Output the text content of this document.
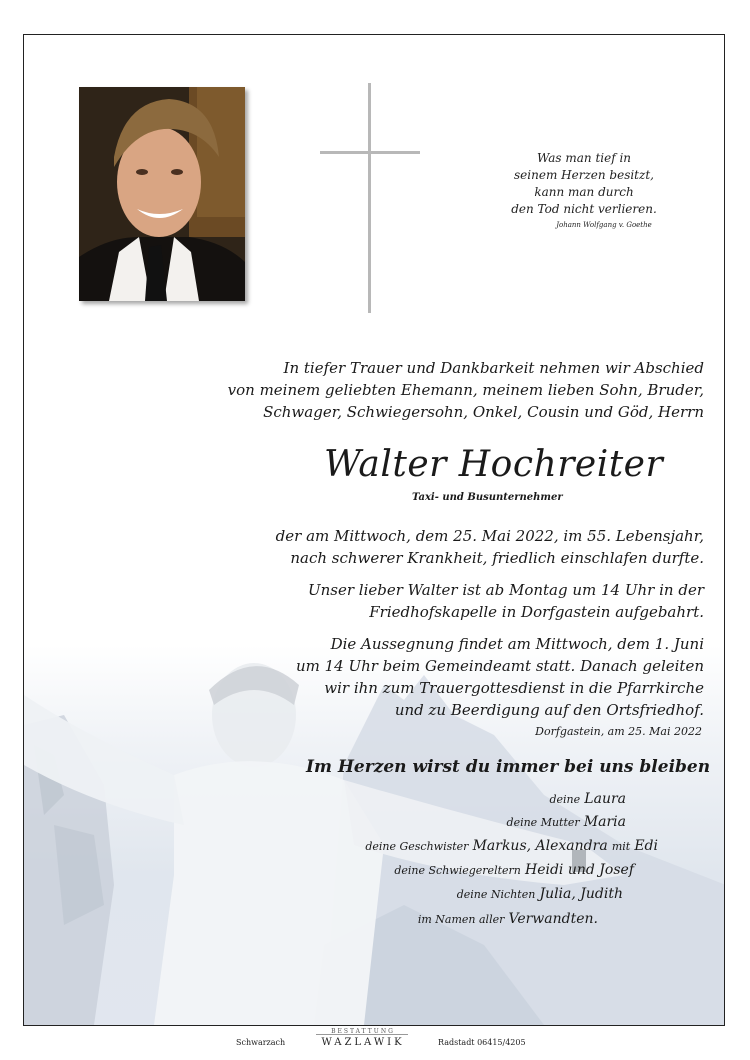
Was man tief in
seinem Herzen besitzt,
kann man durch
den Tod nicht verlieren.
Johann Wolfgang v. Goethe
In tiefer Trauer und Dankbarkeit nehmen wir Abschied
von meinem geliebten Ehemann, meinem lieben Sohn, Bruder,
Schwager, Schwiegersohn, Onkel, Cousin und Göd, Herrn
Walter Hochreiter
Taxi- und Busunternehmer
der am Mittwoch, dem 25. Mai 2022, im 55. Lebensjahr,
nach schwerer Krankheit, friedlich einschlafen durfte.
Unser lieber Walter ist ab Montag um 14 Uhr in der
Friedhofskapelle in Dorfgastein aufgebahrt.
Die Aussegnung findet am Mittwoch, dem 1. Juni
um 14 Uhr beim Gemeindeamt statt. Danach geleiten
wir ihn zum Trauergottesdienst in die Pfarrkirche
und zu Beerdigung auf den Ortsfriedhof.
Dorfgastein, am 25. Mai 2022
Im Herzen wirst du immer bei uns bleiben
deine Laura
deine Mutter Maria
deine Geschwister Markus, Alexandra mit Edi
deine Schwiegereltern Heidi und Josef
deine Nichten Julia, Judith
im Namen aller Verwandten.
Schwarzach
BESTATTUNG
WAZLAWIK	Radstadt 06415/4205
